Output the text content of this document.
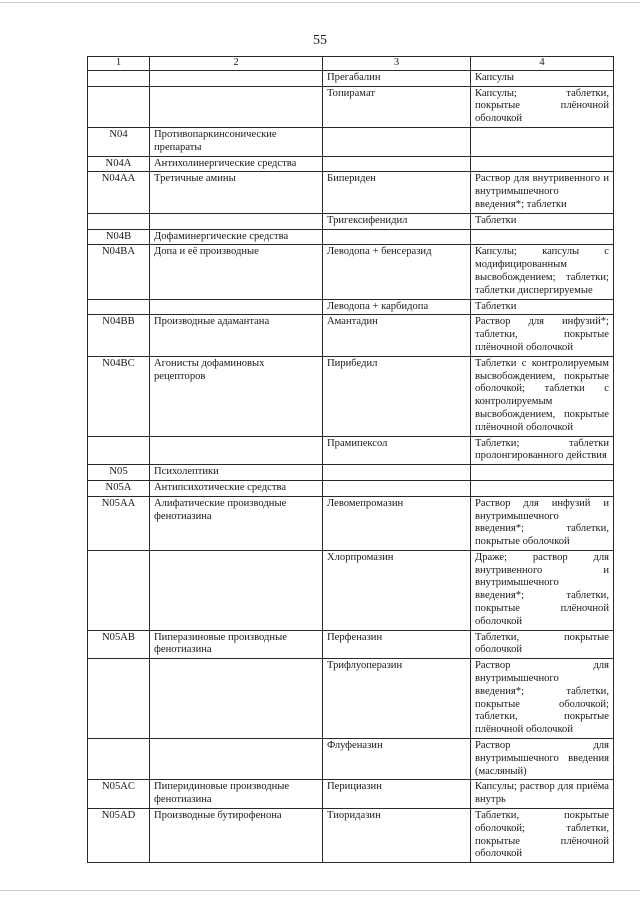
55
1	2	3	4
		Прегабалин	Капсулы
		Топирамат	Капсулы; таблетки, покрытые плёночной оболочкой
N04	Противопаркинсонические препараты		
N04A	Антихолинергические средства		
N04AA	Третичные амины	Бипериден	Раствор для внутривенного и внутримышечного введения*; таблетки
		Тригексифенидил	Таблетки
N04B	Дофаминергические средства		
N04BA	Допа и её производные	Леводопа + бенсеразид	Капсулы; капсулы с модифицированным высвобождением; таблетки; таблетки диспергируемые
		Леводопа + карбидопа	Таблетки
N04BB	Производные адамантана	Амантадин	Раствор для инфузий*; таблетки, покрытые плёночной оболочкой
N04BC	Агонисты дофаминовых рецепторов	Пирибедил	Таблетки с контролируемым высвобождением, покрытые оболочкой; таблетки с контролируемым высвобождением, покрытые плёночной оболочкой
		Прамипексол	Таблетки; таблетки пролонгированного действия
N05	Психолептики		
N05A	Антипсихотические средства		
N05AA	Алифатические производные фенотиазина	Левомепромазин	Раствор для инфузий и внутримышечного введения*; таблетки, покрытые оболочкой
		Хлорпромазин	Драже; раствор для внутривенного и внутримышечного введения*; таблетки, покрытые плёночной оболочкой
N05AB	Пиперазиновые производные фенотиазина	Перфеназин	Таблетки, покрытые оболочкой
		Трифлуоперазин	Раствор для внутримышечного введения*; таблетки, покрытые оболочкой; таблетки, покрытые плёночной оболочкой
		Флуфеназин	Раствор для внутримышечного введения (масляный)
N05AC	Пиперидиновые производные фенотиазина	Перициазин	Капсулы; раствор для приёма внутрь
N05AD	Производные бутирофенона	Тиоридазин	Таблетки, покрытые оболочкой; таблетки, покрытые плёночной оболочкой
